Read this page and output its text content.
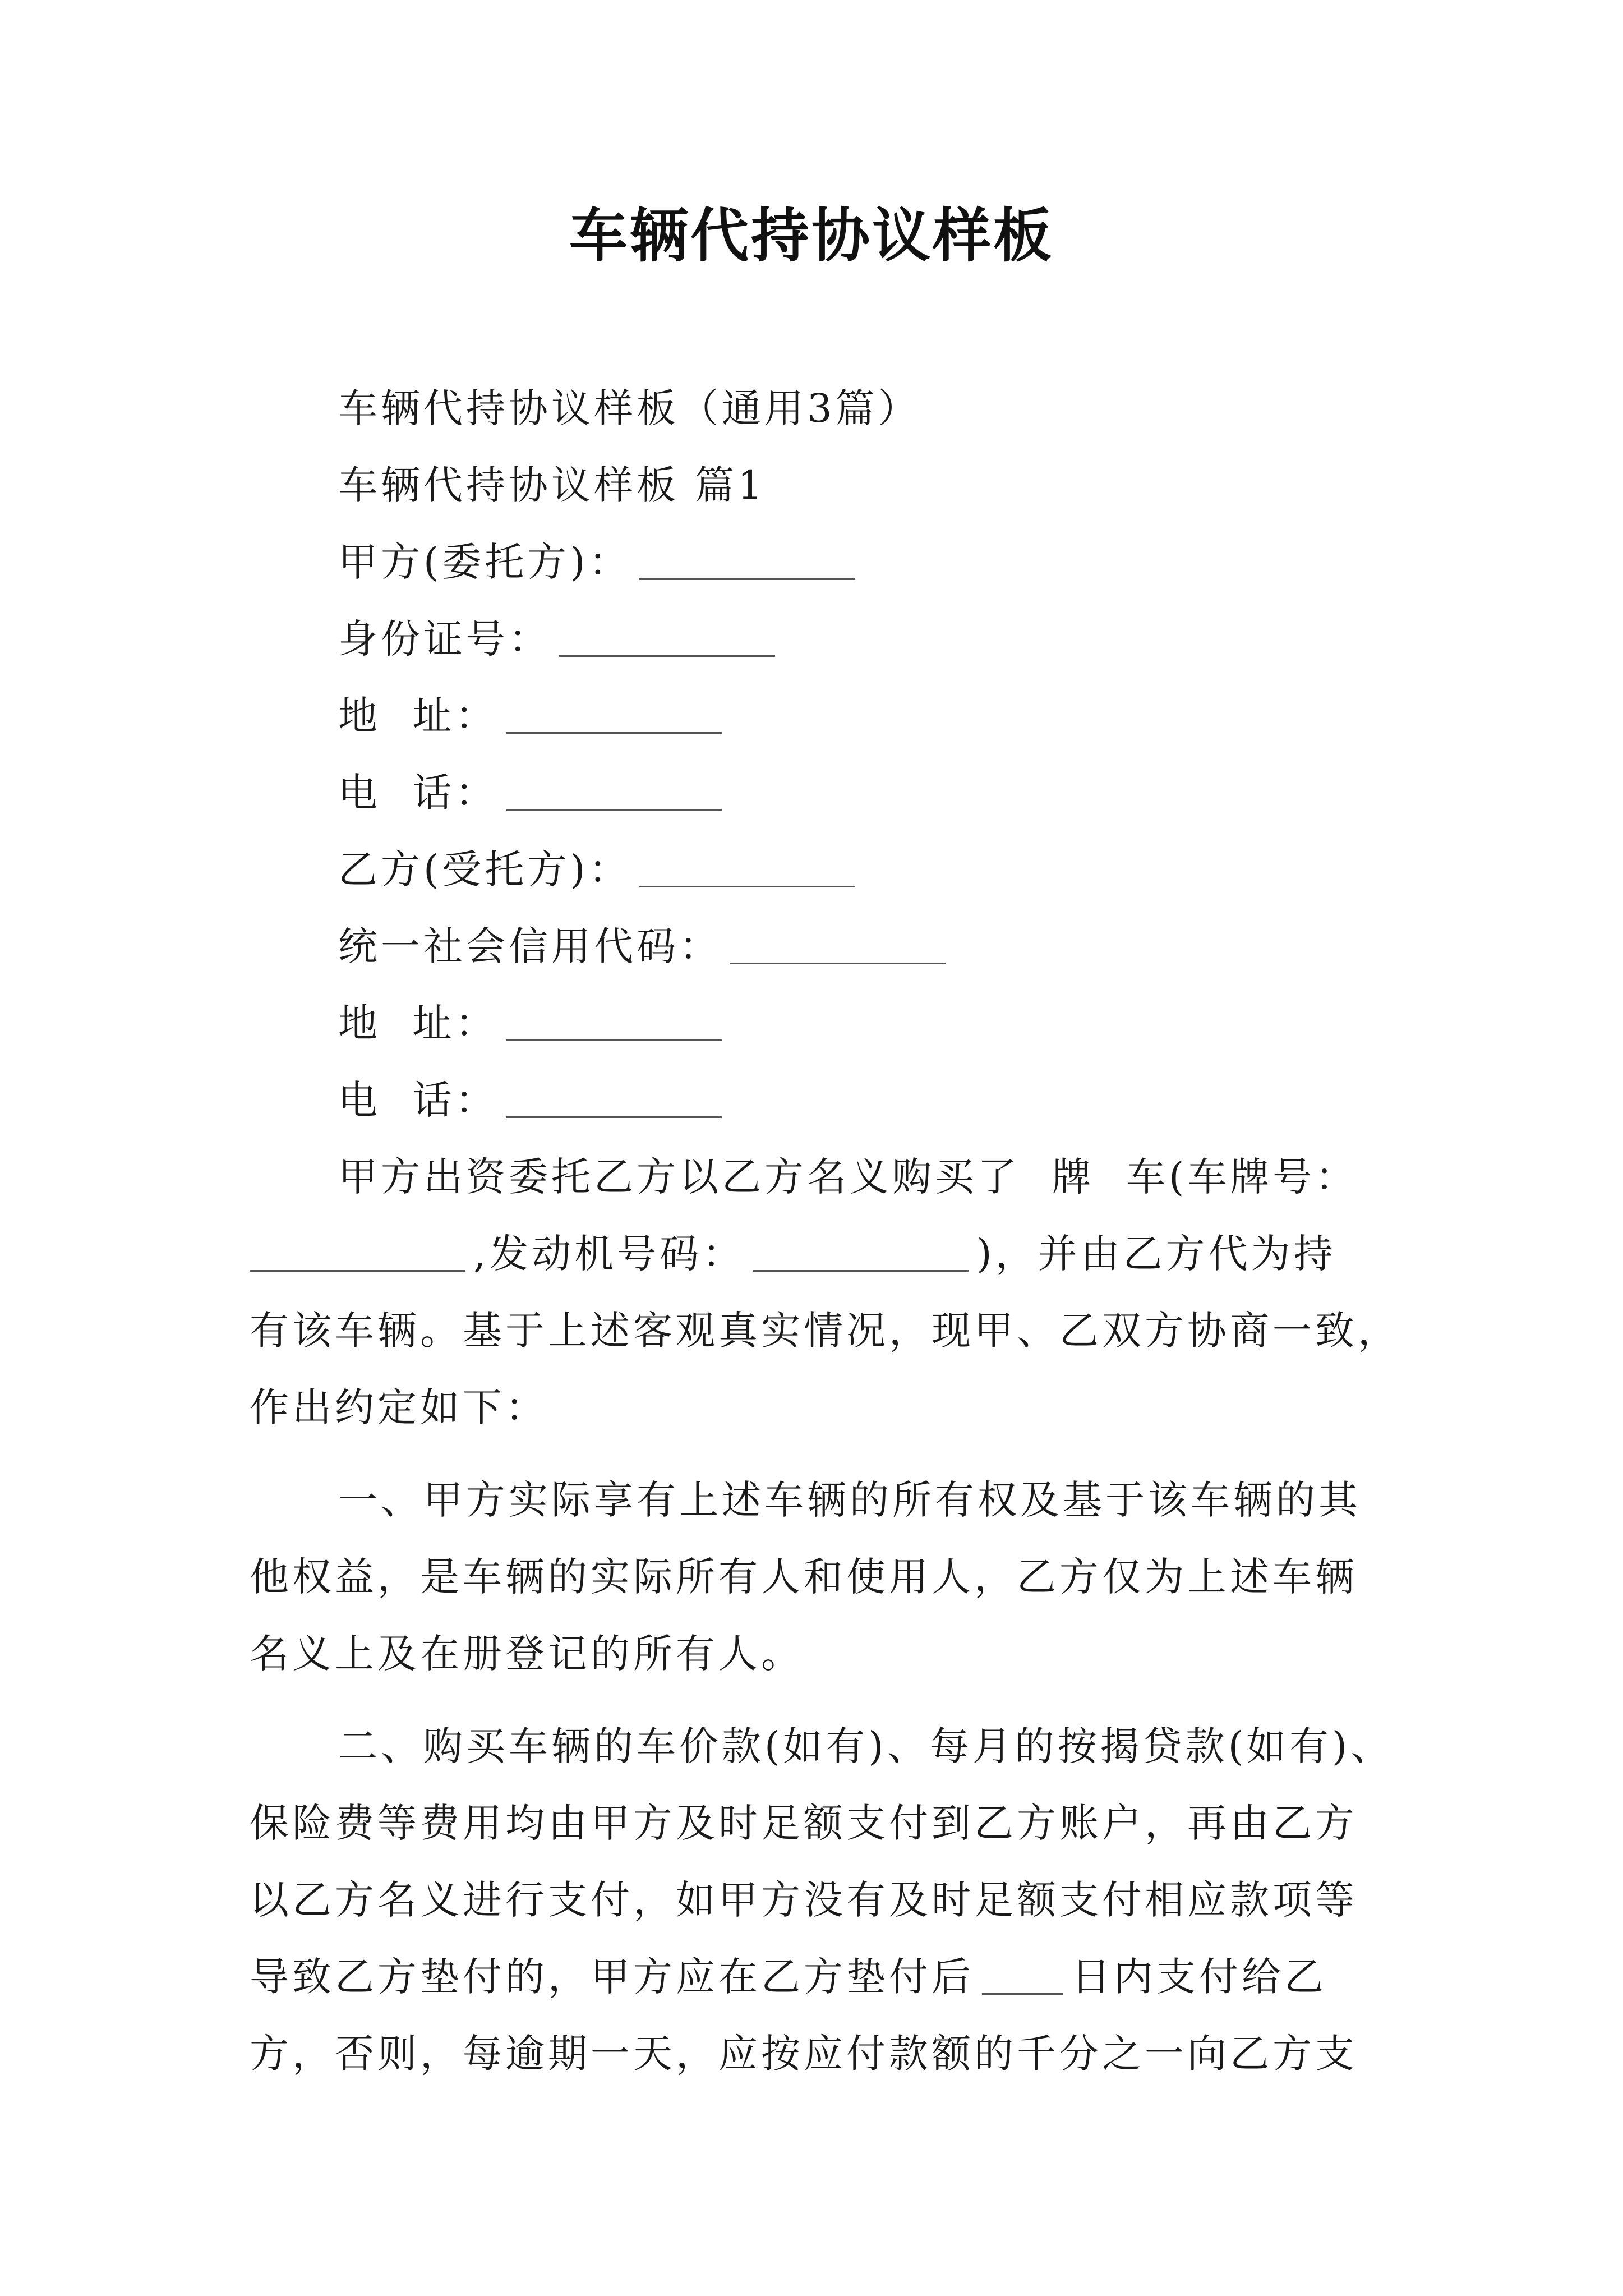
车辆代持协议样板
车辆代持协议样板（通用3篇）
车辆代持协议样板 篇1
甲方(委托方)：
身份证号：
地  址：
电  话：
乙方(受托方)：
统一社会信用代码：
地  址：
电  话：
甲方出资委托乙方以乙方名义购买了  牌  车(车牌号：
,发动机号码：	)，并由乙方代为持
有该车辆。基于上述客观真实情况，现甲、乙双方协商一致，
作出约定如下：
一、甲方实际享有上述车辆的所有权及基于该车辆的其
他权益，是车辆的实际所有人和使用人，乙方仅为上述车辆
名义上及在册登记的所有人。
二、购买车辆的车价款(如有)、每月的按揭贷款(如有)、
保险费等费用均由甲方及时足额支付到乙方账户，再由乙方
以乙方名义进行支付，如甲方没有及时足额支付相应款项等
导致乙方垫付的，甲方应在乙方垫付后 日内支付给乙
方，否则，每逾期一天，应按应付款额的千分之一向乙方支
